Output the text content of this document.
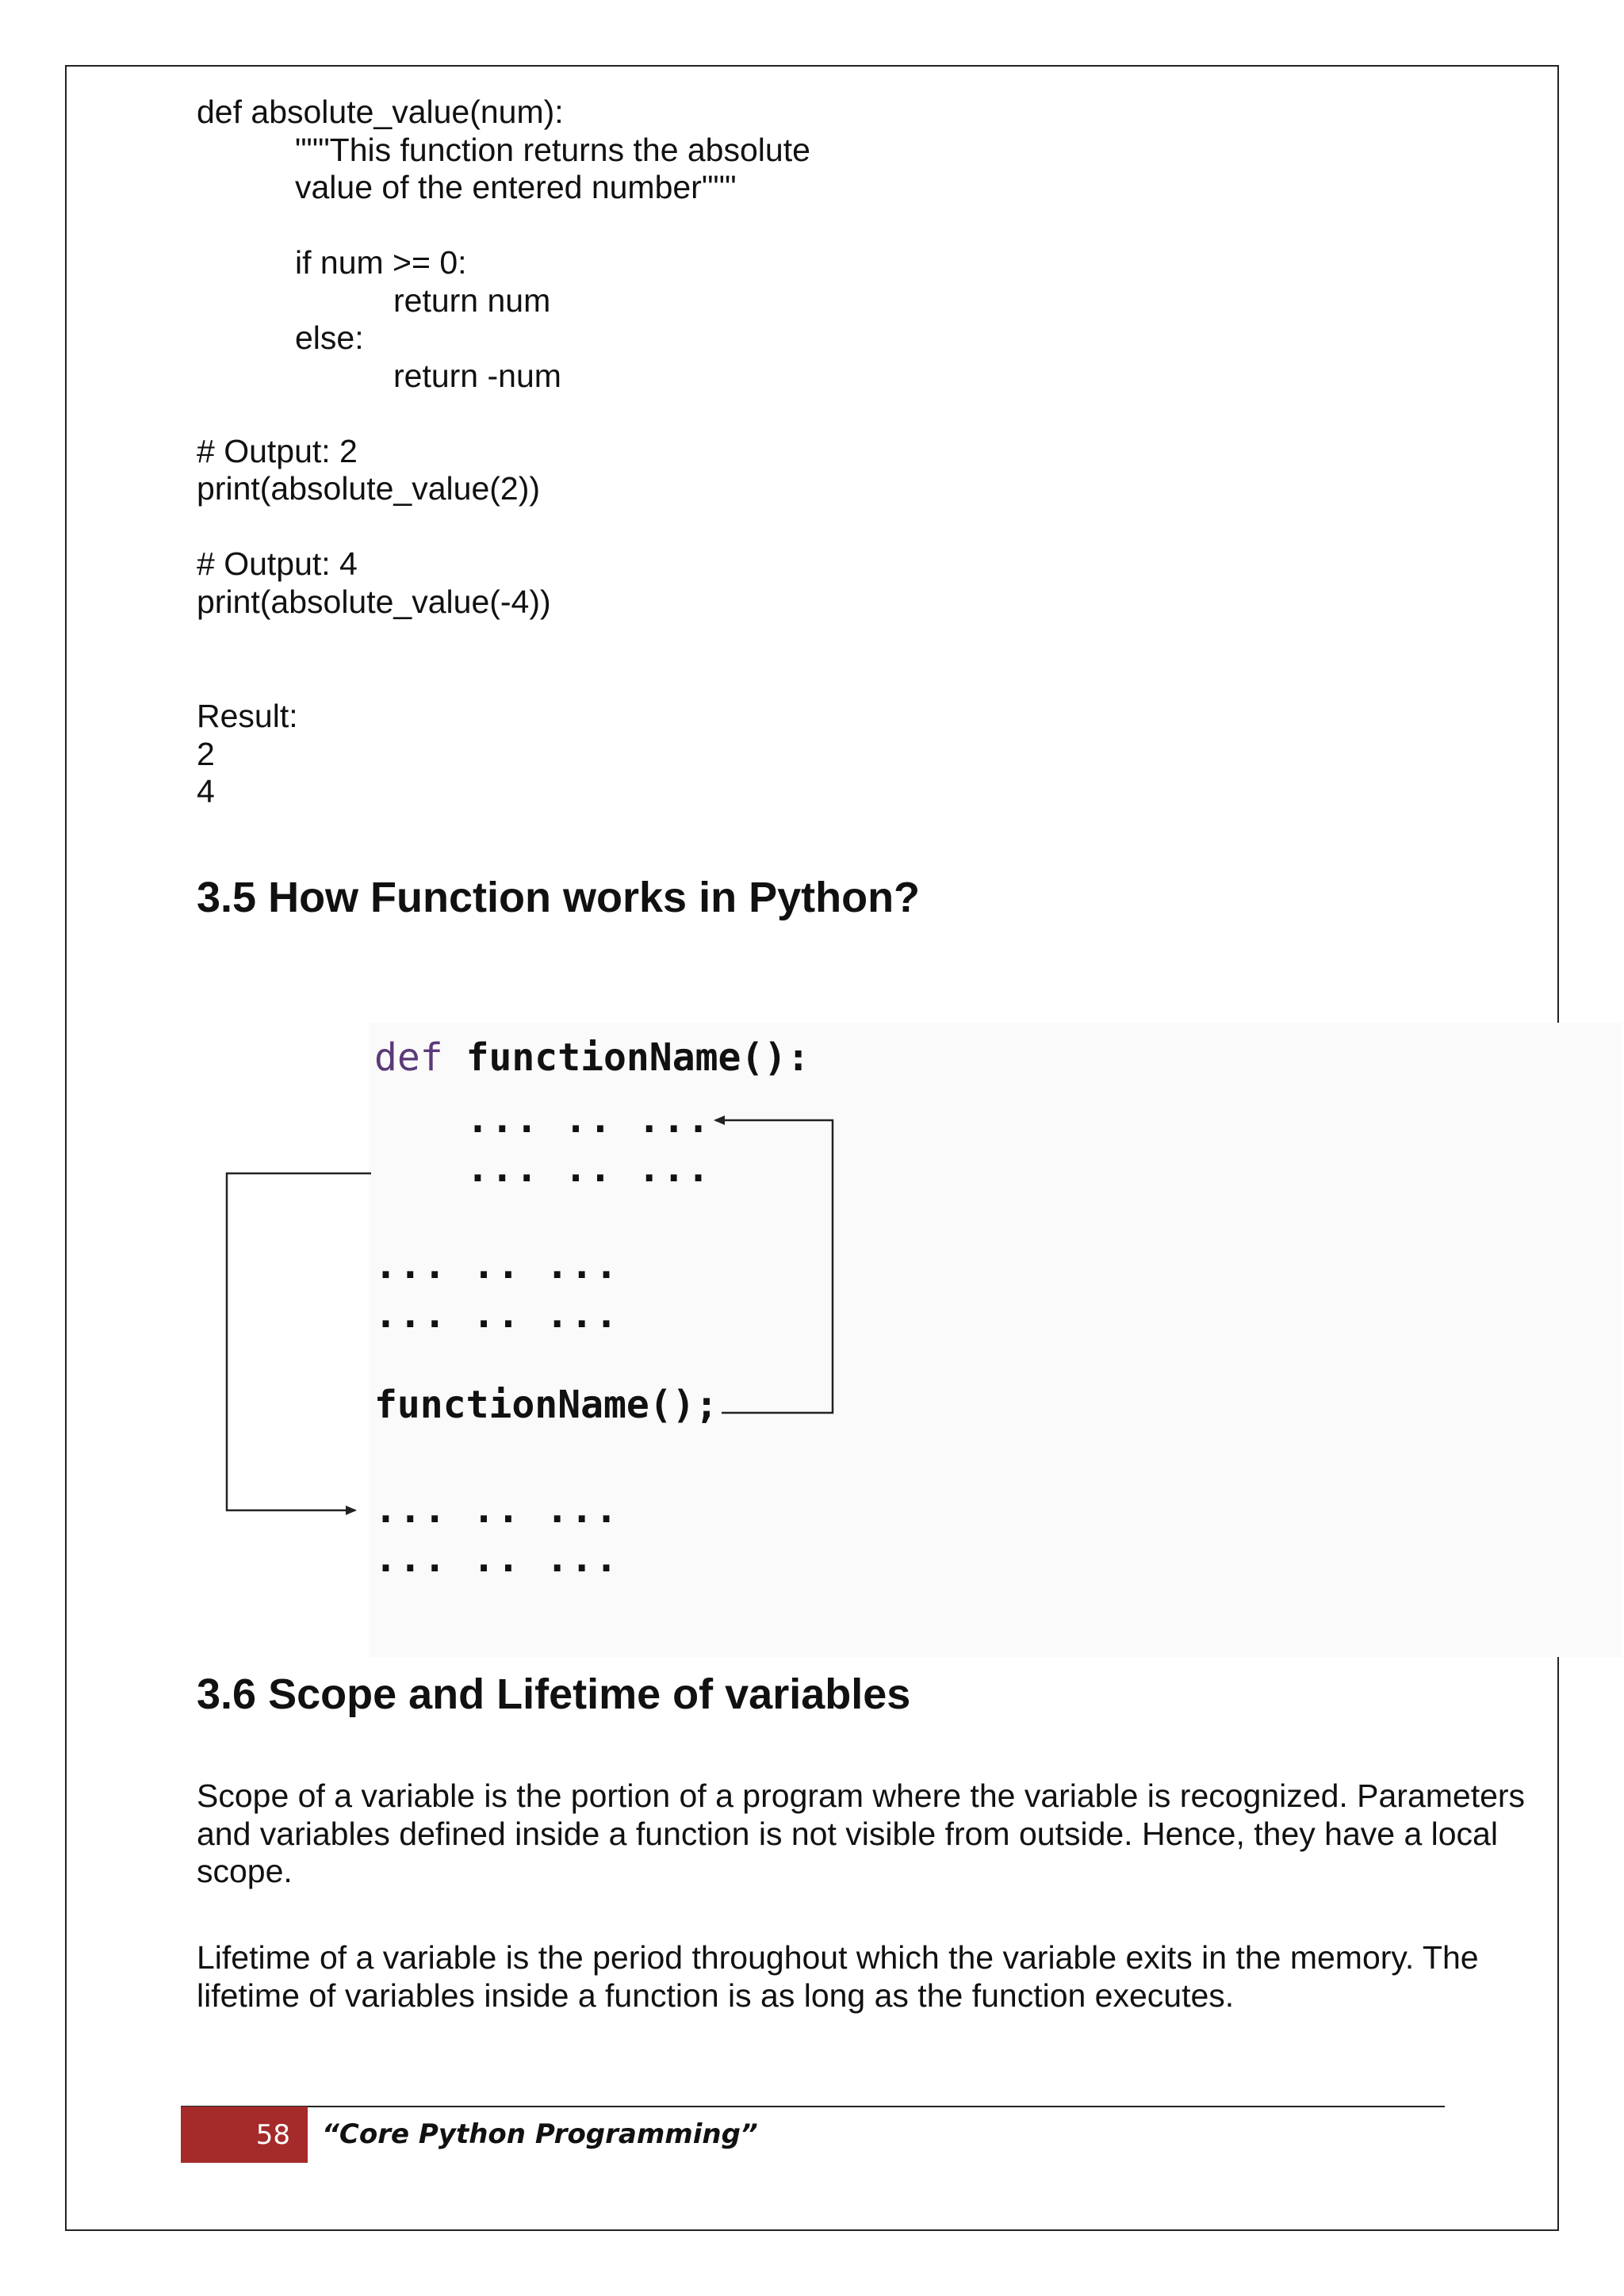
def absolute_value(num):
"""This function returns the absolute
value of the entered number"""
if num >= 0:
return num
else:
return -num
# Output: 2
print(absolute_value(2))
# Output: 4
print(absolute_value(-4))
Result:
2
4
3.5 How Function works in Python?
def functionName():
... .. ...
... .. ...
... .. ...
... .. ...
functionName();
... .. ...
... .. ...
3.6 Scope and Lifetime of variables

Scope of a variable is the portion of a program where the variable is recognized. Parameters and variables defined inside a function is not visible from outside. Hence, they have a local scope.

Lifetime of a variable is the period throughout which the variable exits in the memory. The lifetime of variables inside a function is as long as the function executes.

58	“Core Python Programming”
